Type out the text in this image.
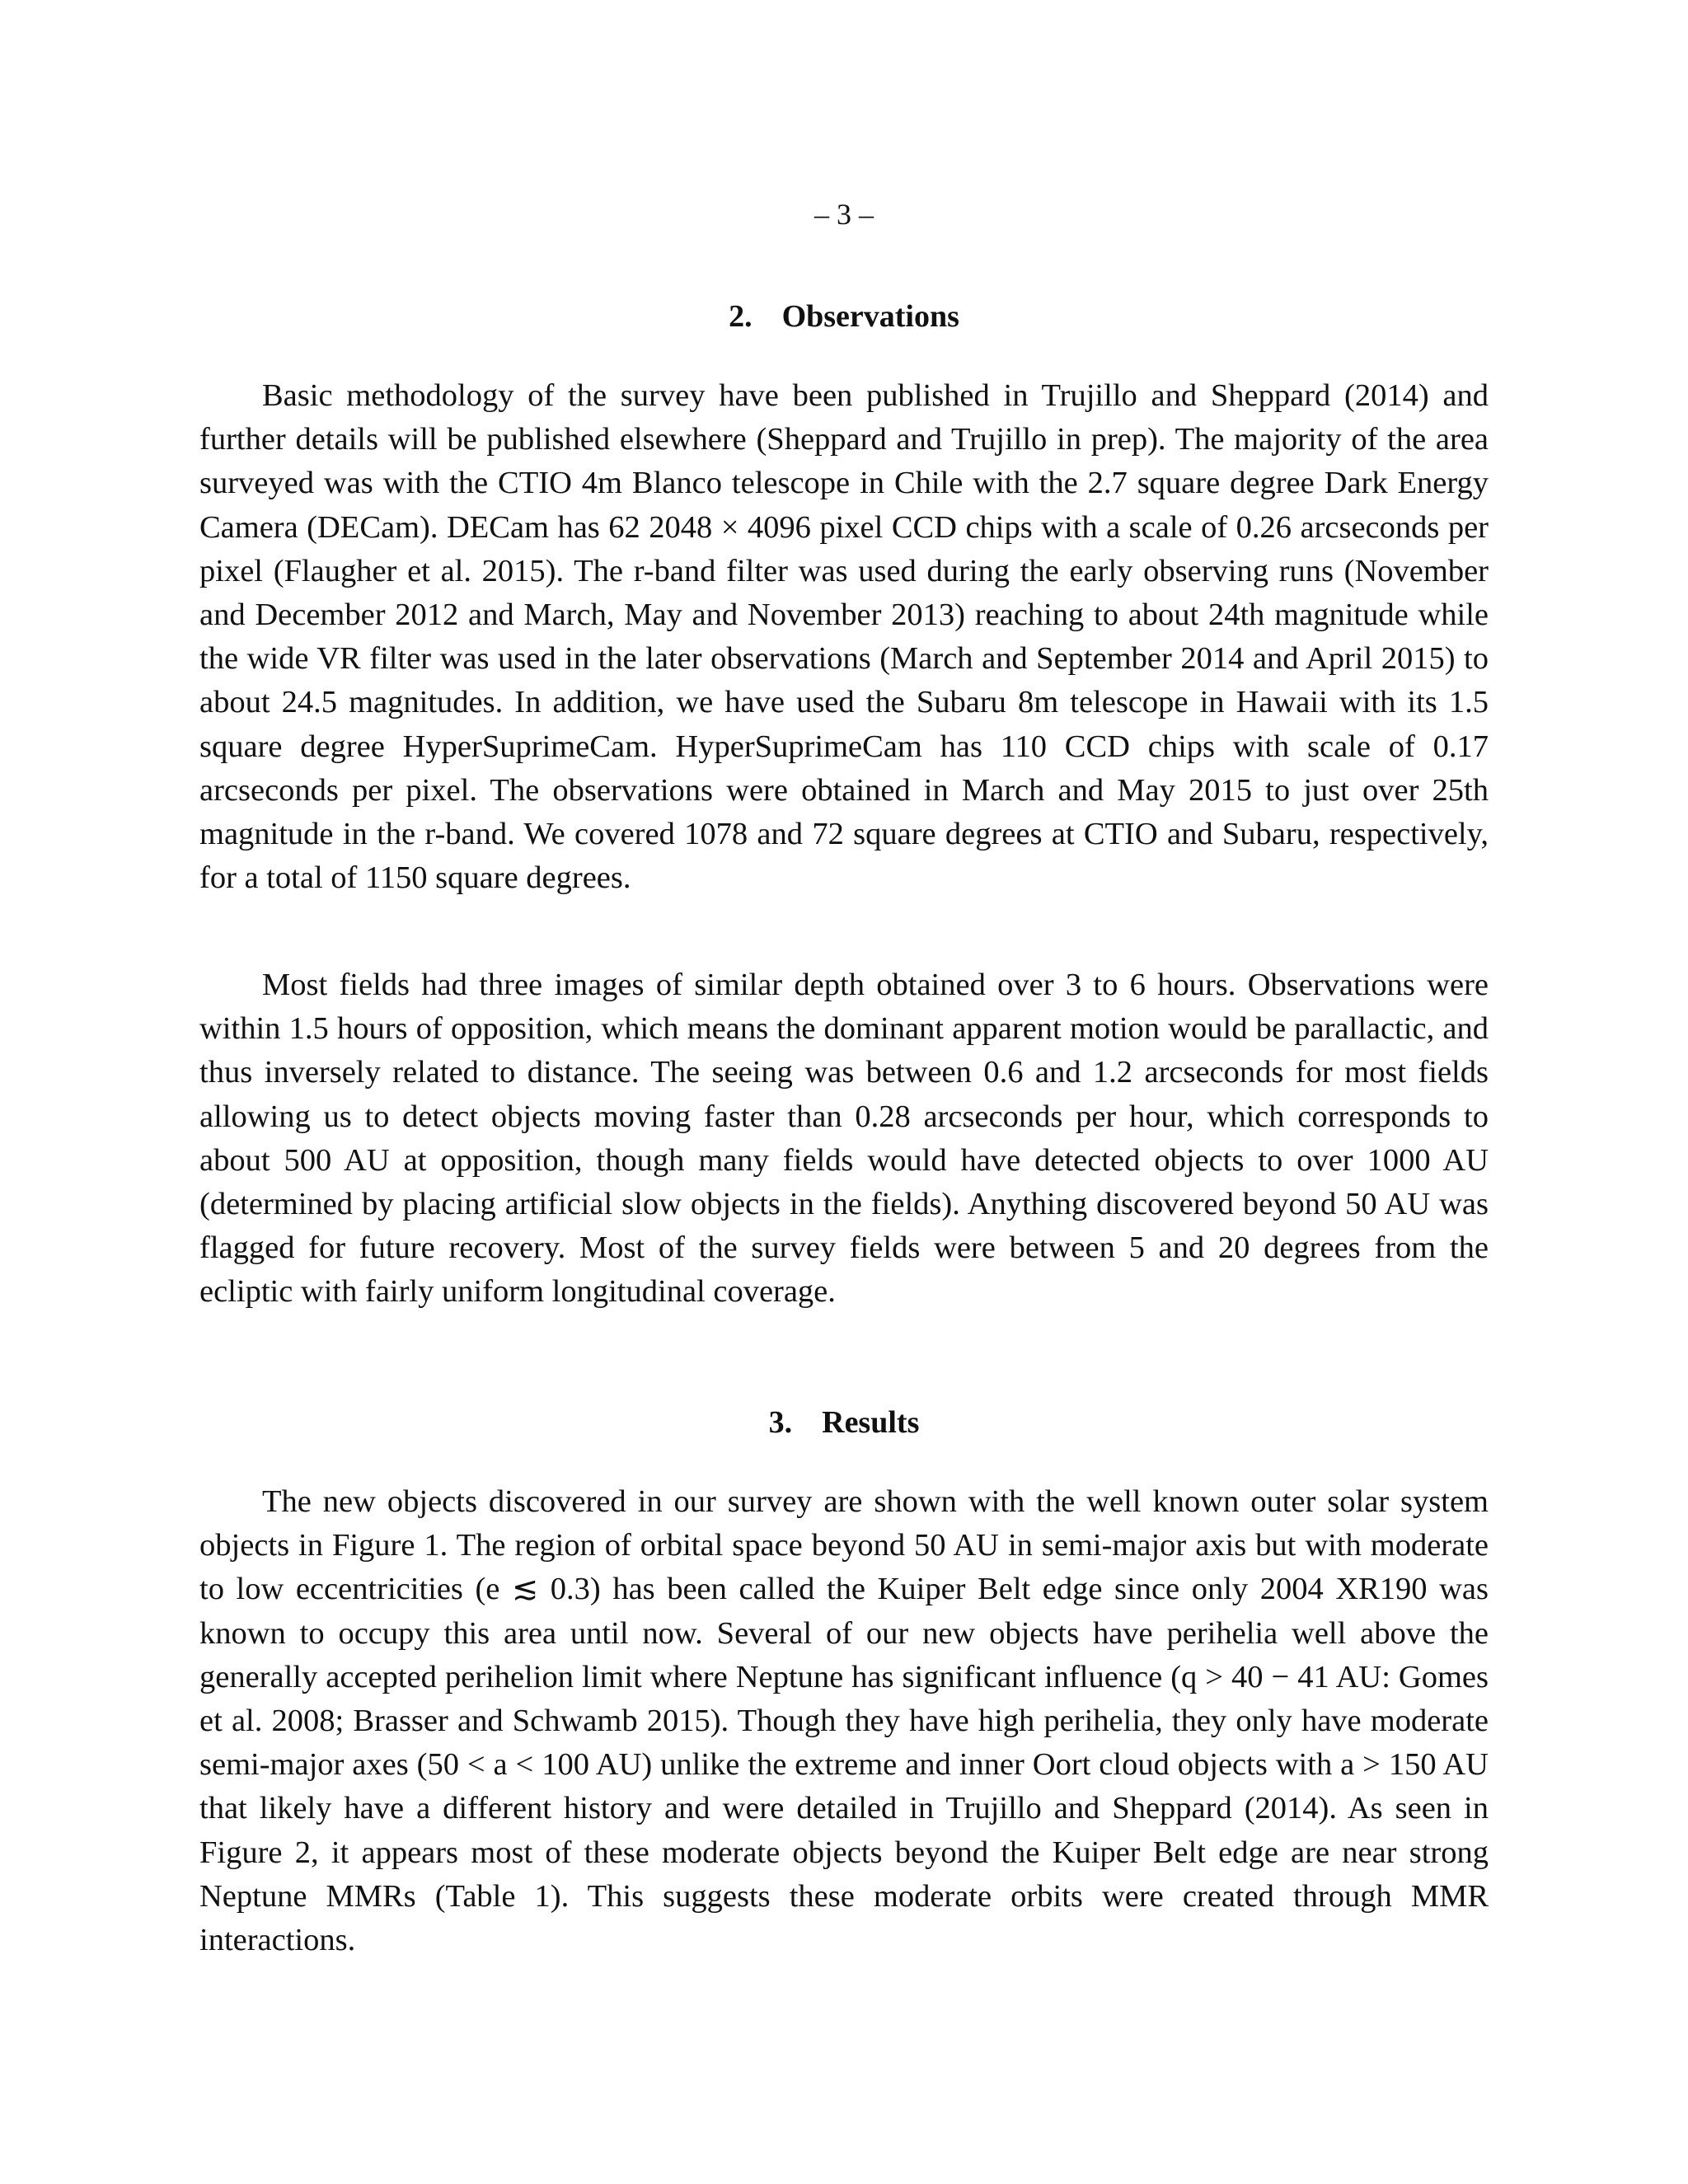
– 3 –
2. Observations

Basic methodology of the survey have been published in Trujillo and Sheppard (2014) and further details will be published elsewhere (Sheppard and Trujillo in prep). The majority of the area surveyed was with the CTIO 4m Blanco telescope in Chile with the 2.7 square degree Dark Energy Camera (DECam). DECam has 62 2048 × 4096 pixel CCD chips with a scale of 0.26 arcseconds per pixel (Flaugher et al. 2015). The r-band filter was used during the early observing runs (November and December 2012 and March, May and November 2013) reaching to about 24th magnitude while the wide VR filter was used in the later observations (March and September 2014 and April 2015) to about 24.5 magnitudes. In addition, we have used the Subaru 8m telescope in Hawaii with its 1.5 square degree HyperSuprimeCam. HyperSuprimeCam has 110 CCD chips with scale of 0.17 arcseconds per pixel. The observations were obtained in March and May 2015 to just over 25th magnitude in the r-band. We covered 1078 and 72 square degrees at CTIO and Subaru, respectively, for a total of 1150 square degrees.

Most fields had three images of similar depth obtained over 3 to 6 hours. Observations were within 1.5 hours of opposition, which means the dominant apparent motion would be parallactic, and thus inversely related to distance. The seeing was between 0.6 and 1.2 arcseconds for most fields allowing us to detect objects moving faster than 0.28 arcseconds per hour, which corresponds to about 500 AU at opposition, though many fields would have detected objects to over 1000 AU (determined by placing artificial slow objects in the fields). Anything discovered beyond 50 AU was flagged for future recovery. Most of the survey fields were between 5 and 20 degrees from the ecliptic with fairly uniform longitudinal coverage.

3. Results

The new objects discovered in our survey are shown with the well known outer solar system objects in Figure 1. The region of orbital space beyond 50 AU in semi-major axis but with moderate to low eccentricities (e ≲ 0.3) has been called the Kuiper Belt edge since only 2004 XR190 was known to occupy this area until now. Several of our new objects have perihelia well above the generally accepted perihelion limit where Neptune has significant influence (q > 40 − 41 AU: Gomes et al. 2008; Brasser and Schwamb 2015). Though they have high perihelia, they only have moderate semi-major axes (50 < a < 100 AU) unlike the extreme and inner Oort cloud objects with a > 150 AU that likely have a different history and were detailed in Trujillo and Sheppard (2014). As seen in Figure 2, it appears most of these moderate objects beyond the Kuiper Belt edge are near strong Neptune MMRs (Table 1). This suggests these moderate orbits were created through MMR interactions.
